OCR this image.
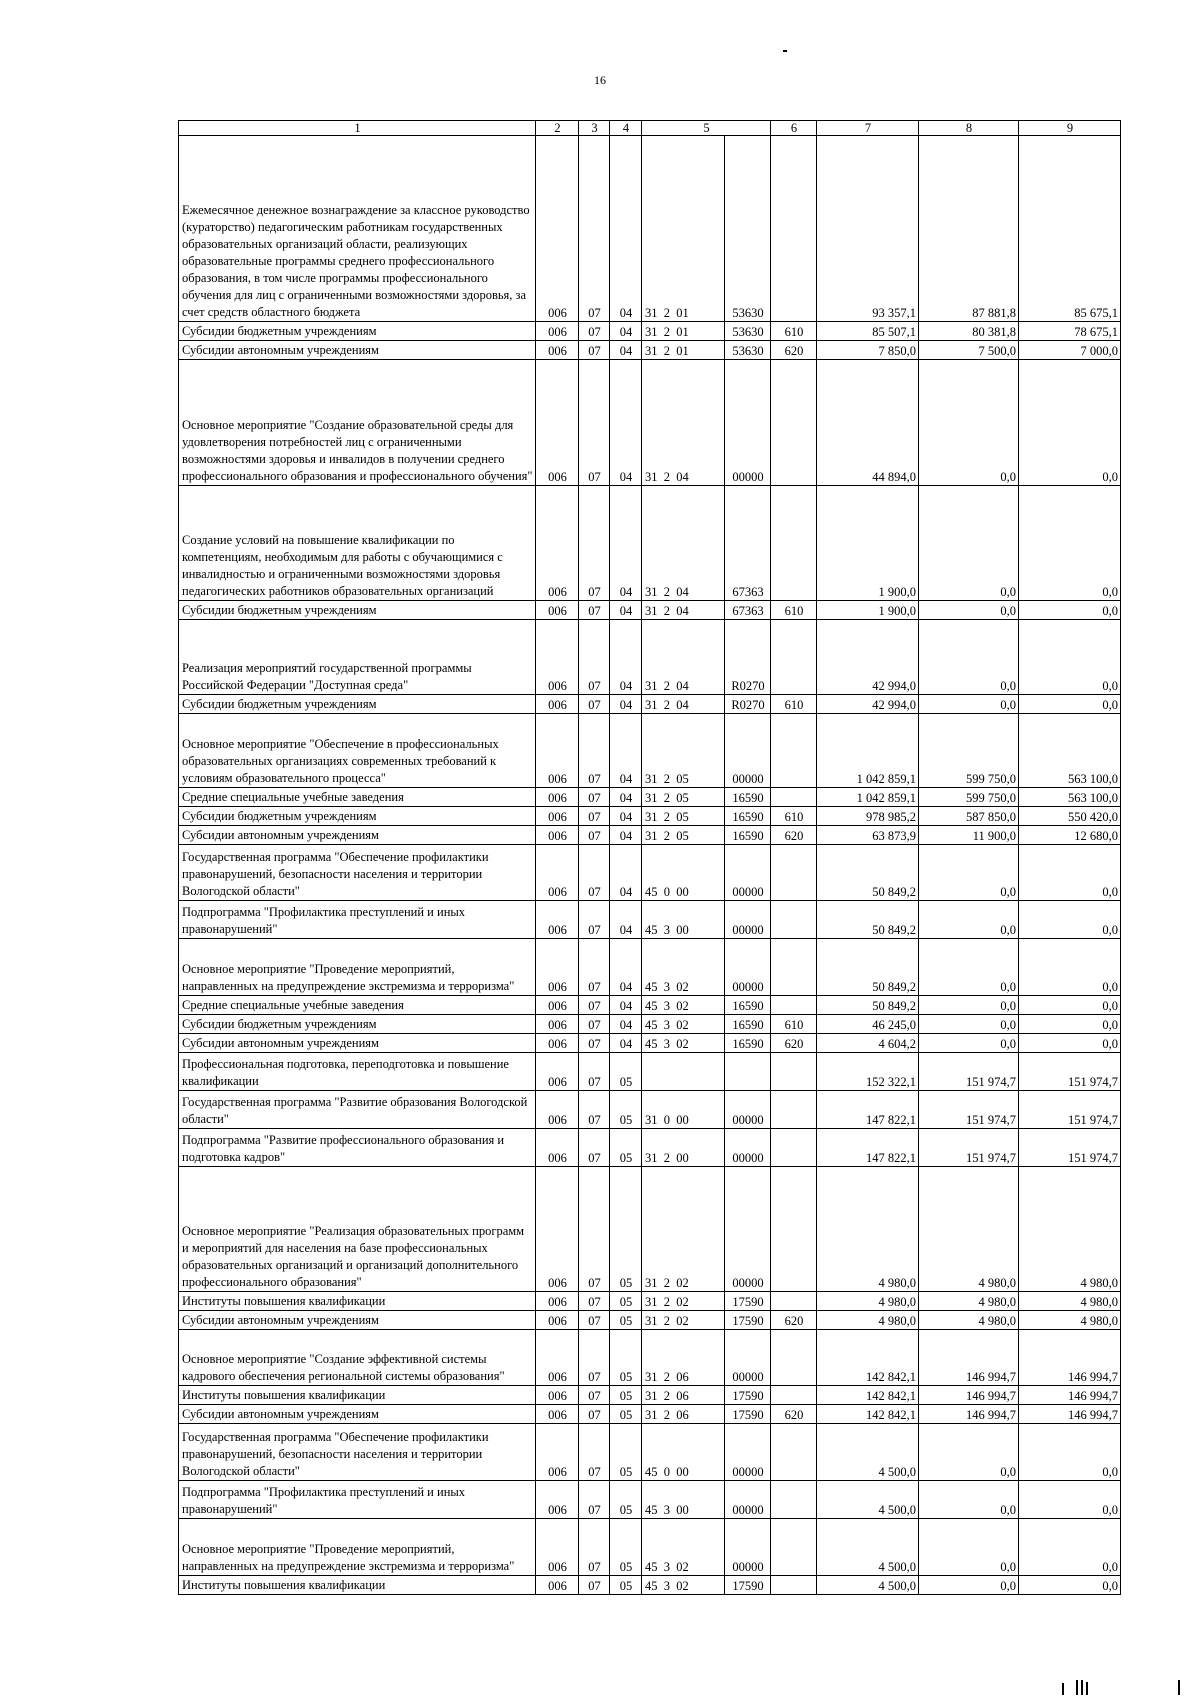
16
1	2	3	4	5		6	7	8	9
Ежемесячное денежное вознаграждение за классное руководство (кураторство) педагогическим работникам государственных образовательных организаций области, реализующих образовательные программы среднего профессионального образования, в том числе программы профессионального обучения для лиц с ограниченными возможностями здоровья, за счет средств областного бюджета	006	07	04	31  2  01	53630		93 357,1	87 881,8	85 675,1
Субсидии бюджетным учреждениям	006	07	04	31  2  01	53630	610	85 507,1	80 381,8	78 675,1
Субсидии автономным учреждениям	006	07	04	31  2  01	53630	620	7 850,0	7 500,0	7 000,0
Основное мероприятие "Создание образовательной среды для удовлетворения потребностей лиц с ограниченными возможностями здоровья и инвалидов в получении среднего профессионального образования и профессионального обучения"	006	07	04	31  2  04	00000		44 894,0	0,0	0,0
Создание условий на повышение квалификации по компетенциям, необходимым для работы с обучающимися с инвалидностью и ограниченными возможностями здоровья педагогических работников образовательных организаций	006	07	04	31  2  04	67363		1 900,0	0,0	0,0
Субсидии бюджетным учреждениям	006	07	04	31  2  04	67363	610	1 900,0	0,0	0,0
Реализация мероприятий государственной программы Российской Федерации "Доступная среда"	006	07	04	31  2  04	R0270		42 994,0	0,0	0,0
Субсидии бюджетным учреждениям	006	07	04	31  2  04	R0270	610	42 994,0	0,0	0,0
Основное мероприятие "Обеспечение в профессиональных образовательных организациях современных требований к условиям образовательного процесса"	006	07	04	31  2  05	00000		1 042 859,1	599 750,0	563 100,0
Средние специальные учебные заведения	006	07	04	31  2  05	16590		1 042 859,1	599 750,0	563 100,0
Субсидии бюджетным учреждениям	006	07	04	31  2  05	16590	610	978 985,2	587 850,0	550 420,0
Субсидии автономным учреждениям	006	07	04	31  2  05	16590	620	63 873,9	11 900,0	12 680,0
Государственная программа "Обеспечение профилактики правонарушений, безопасности населения и территории Вологодской области"	006	07	04	45  0  00	00000		50 849,2	0,0	0,0
Подпрограмма "Профилактика преступлений и иных правонарушений"	006	07	04	45  3  00	00000		50 849,2	0,0	0,0
Основное мероприятие "Проведение мероприятий, направленных на предупреждение экстремизма и терроризма"	006	07	04	45  3  02	00000		50 849,2	0,0	0,0
Средние специальные учебные заведения	006	07	04	45  3  02	16590		50 849,2	0,0	0,0
Субсидии бюджетным учреждениям	006	07	04	45  3  02	16590	610	46 245,0	0,0	0,0
Субсидии автономным учреждениям	006	07	04	45  3  02	16590	620	4 604,2	0,0	0,0
Профессиональная подготовка, переподготовка и повышение квалификации	006	07	05				152 322,1	151 974,7	151 974,7
Государственная программа "Развитие образования Вологодской области"	006	07	05	31  0  00	00000		147 822,1	151 974,7	151 974,7
Подпрограмма "Развитие профессионального образования и подготовка кадров"	006	07	05	31  2  00	00000		147 822,1	151 974,7	151 974,7
Основное мероприятие "Реализация образовательных программ и мероприятий для населения на базе профессиональных образовательных организаций и организаций дополнительного профессионального образования"	006	07	05	31  2  02	00000		4 980,0	4 980,0	4 980,0
Институты повышения квалификации	006	07	05	31  2  02	17590		4 980,0	4 980,0	4 980,0
Субсидии автономным учреждениям	006	07	05	31  2  02	17590	620	4 980,0	4 980,0	4 980,0
Основное мероприятие "Создание эффективной системы кадрового обеспечения региональной системы образования"	006	07	05	31  2  06	00000		142 842,1	146 994,7	146 994,7
Институты повышения квалификации	006	07	05	31  2  06	17590		142 842,1	146 994,7	146 994,7
Субсидии автономным учреждениям	006	07	05	31  2  06	17590	620	142 842,1	146 994,7	146 994,7
Государственная программа "Обеспечение профилактики правонарушений, безопасности населения и территории Вологодской области"	006	07	05	45  0  00	00000		4 500,0	0,0	0,0
Подпрограмма "Профилактика преступлений и иных правонарушений"	006	07	05	45  3  00	00000		4 500,0	0,0	0,0
Основное мероприятие "Проведение мероприятий, направленных на предупреждение экстремизма и терроризма"	006	07	05	45  3  02	00000		4 500,0	0,0	0,0
Институты повышения квалификации	006	07	05	45  3  02	17590		4 500,0	0,0	0,0
